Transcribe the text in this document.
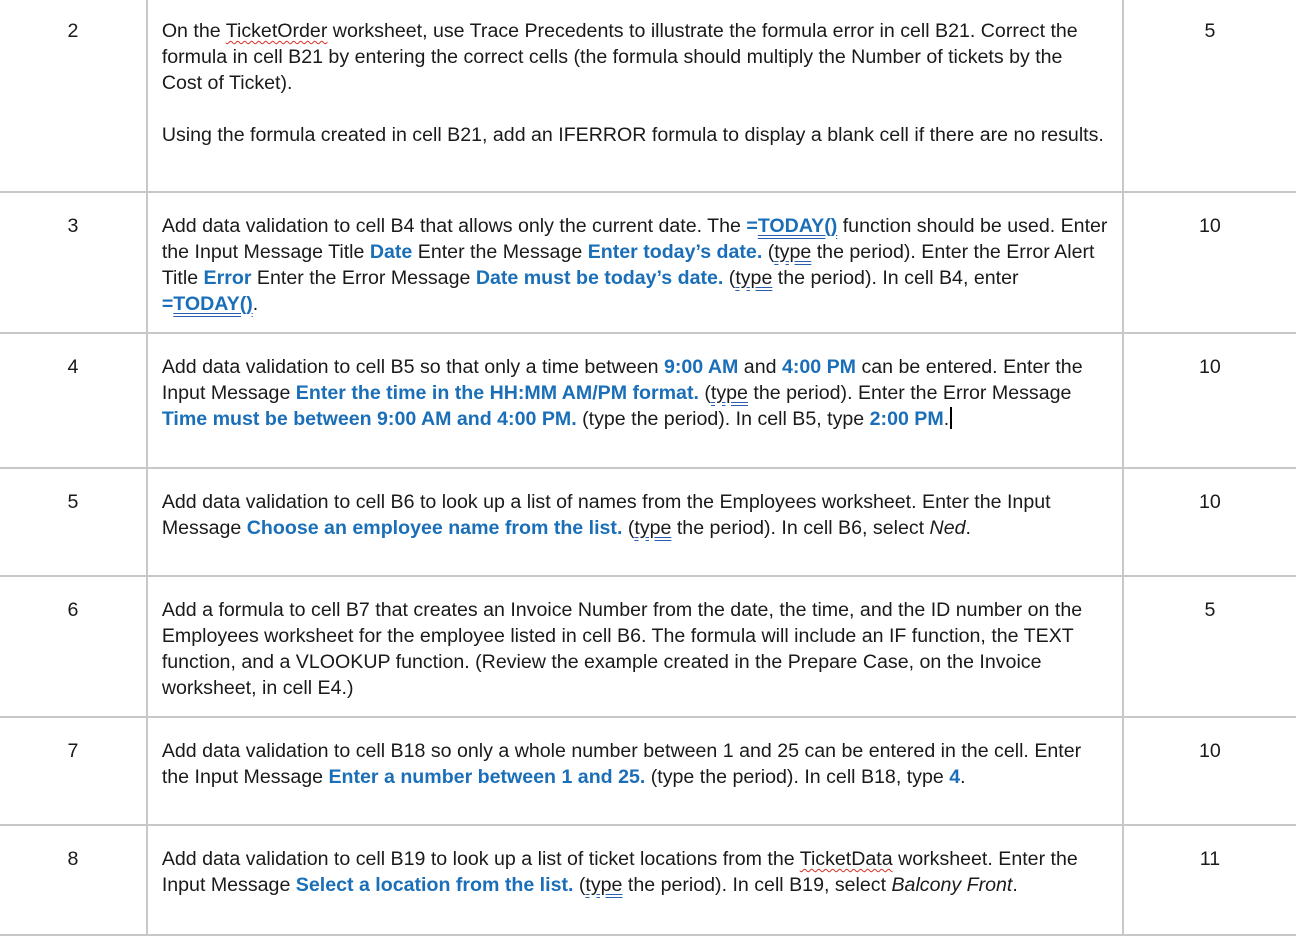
2	On the TicketOrder worksheet, use Trace Precedents to illustrate the formula error in cell B21. Correct the formula in cell B21 by entering the correct cells (the formula should multiply the Number of tickets by the Cost of Ticket).
Using the formula created in cell B21, add an IFERROR formula to display a blank cell if there are no results.	5

3	Add data validation to cell B4 that allows only the current date. The =TODAY() function should be used. Enter the Input Message Title Date Enter the Message Enter today’s date. (type the period). Enter the Error Alert Title Error Enter the Error Message Date must be today’s date. (type the period). In cell B4, enter =TODAY().	10

4	Add data validation to cell B5 so that only a time between 9:00 AM and 4:00 PM can be entered. Enter the Input Message Enter the time in the HH:MM AM/PM format. (type the period). Enter the Error Message Time must be between 9:00 AM and 4:00 PM. (type the period). In cell B5, type 2:00 PM.	10

5	Add data validation to cell B6 to look up a list of names from the Employees worksheet. Enter the Input Message Choose an employee name from the list. (type the period). In cell B6, select Ned.	10

6	Add a formula to cell B7 that creates an Invoice Number from the date, the time, and the ID number on the Employees worksheet for the employee listed in cell B6. The formula will include an IF function, the TEXT function, and a VLOOKUP function. (Review the example created in the Prepare Case, on the Invoice worksheet, in cell E4.)	5

7	Add data validation to cell B18 so only a whole number between 1 and 25 can be entered in the cell. Enter the Input Message Enter a number between 1 and 25. (type the period). In cell B18, type 4.	10

8	Add data validation to cell B19 to look up a list of ticket locations from the TicketData worksheet. Enter the Input Message Select a location from the list. (type the period). In cell B19, select Balcony Front.	11
